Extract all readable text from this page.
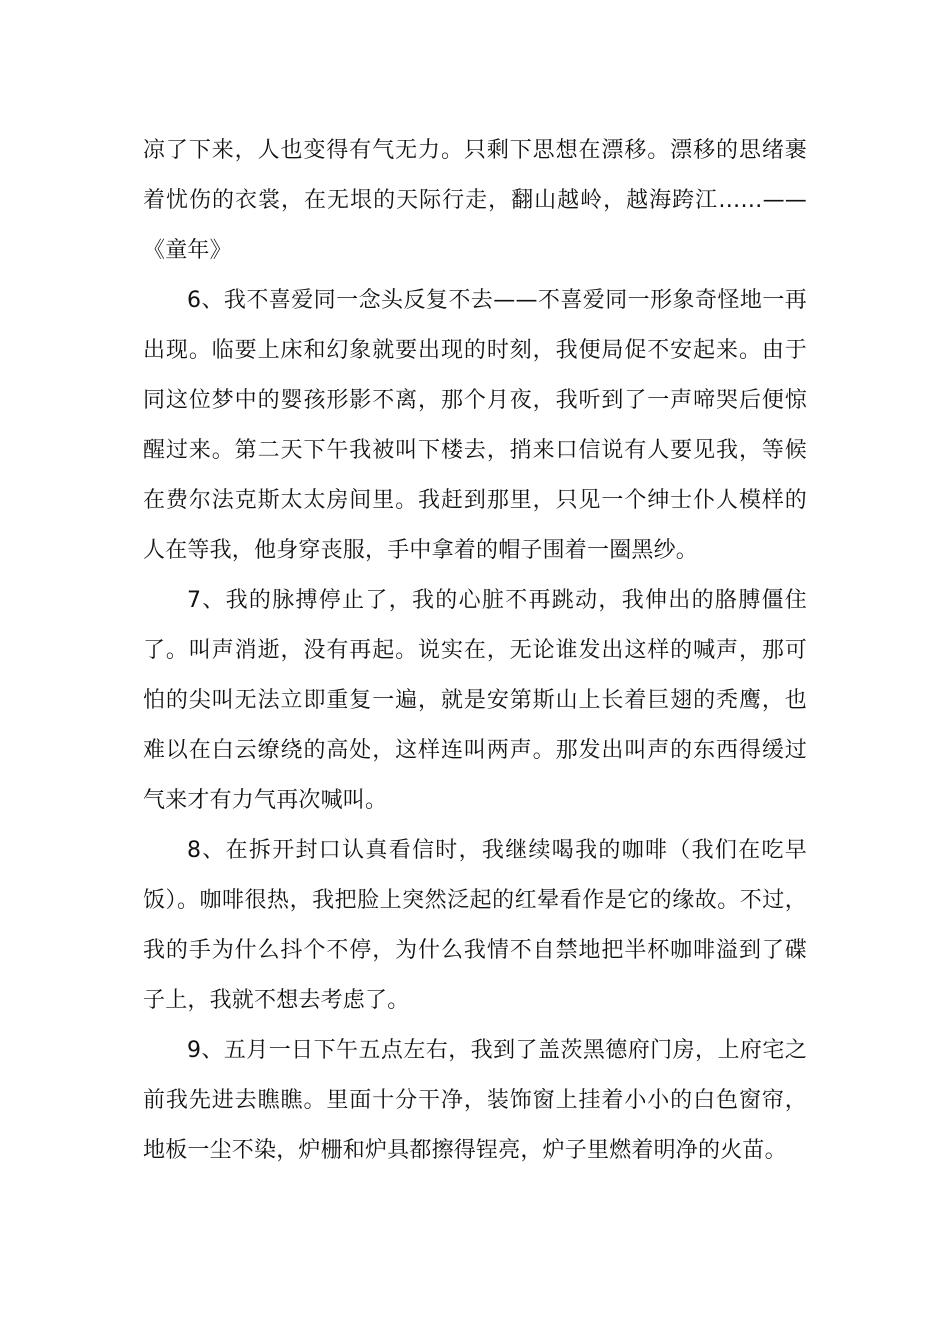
凉了下来，人也变得有气无力。只剩下思想在漂移。漂移的思绪裹着忧伤的衣裳，在无垠的天际行走，翻山越岭，越海跨江……——《童年》

6、我不喜爱同一念头反复不去——不喜爱同一形象奇怪地一再出现。临要上床和幻象就要出现的时刻，我便局促不安起来。由于同这位梦中的婴孩形影不离，那个月夜，我听到了一声啼哭后便惊醒过来。第二天下午我被叫下楼去，捎来口信说有人要见我，等候在费尔法克斯太太房间里。我赶到那里，只见一个绅士仆人模样的人在等我，他身穿丧服，手中拿着的帽子围着一圈黑纱。

7、我的脉搏停止了，我的心脏不再跳动，我伸出的胳膊僵住了。叫声消逝，没有再起。说实在，无论谁发出这样的喊声，那可怕的尖叫无法立即重复一遍，就是安第斯山上长着巨翅的秃鹰，也难以在白云缭绕的高处，这样连叫两声。那发出叫声的东西得缓过气来才有力气再次喊叫。

8、在拆开封口认真看信时，我继续喝我的咖啡（我们在吃早饭）。咖啡很热，我把脸上突然泛起的红晕看作是它的缘故。不过，我的手为什么抖个不停，为什么我情不自禁地把半杯咖啡溢到了碟子上，我就不想去考虑了。

9、五月一日下午五点左右，我到了盖茨黑德府门房，上府宅之前我先进去瞧瞧。里面十分干净，装饰窗上挂着小小的白色窗帘，地板一尘不染，炉栅和炉具都擦得锃亮，炉子里燃着明净的火苗。
